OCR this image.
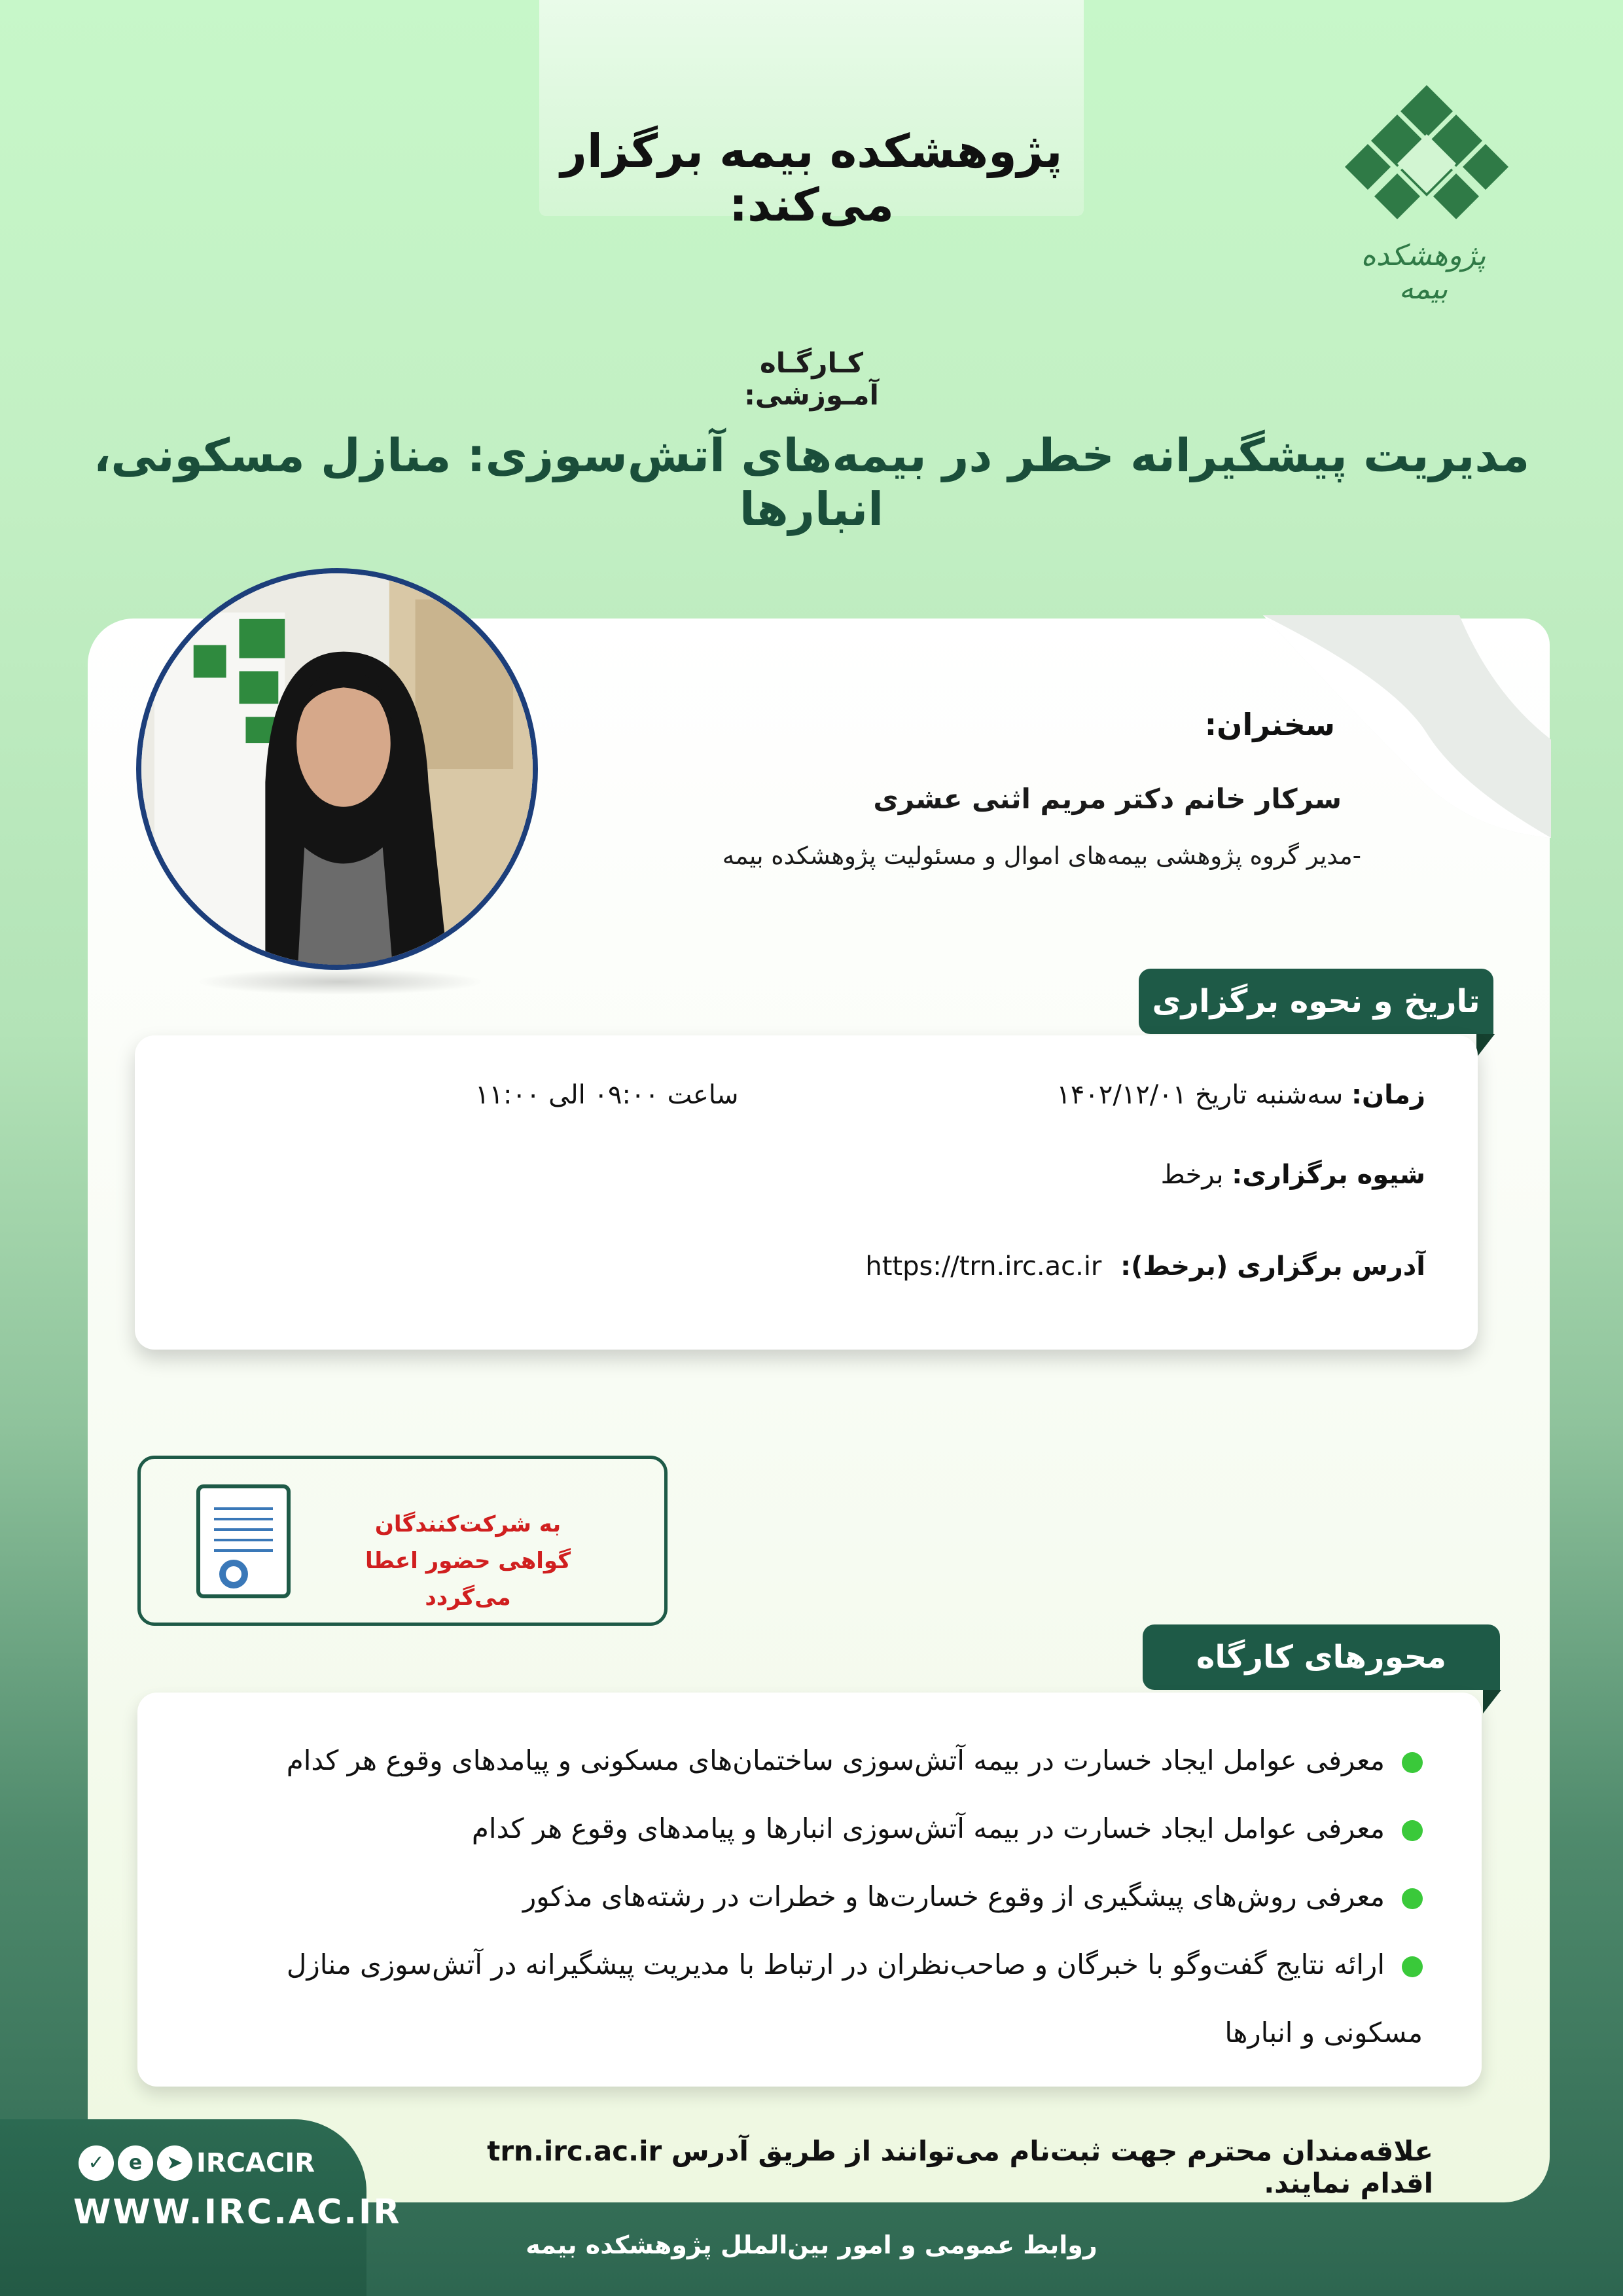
پژوهشکده بیمه برگزار می‌کند:
پژوهشکده بیمه
کـارگـاه آمـوزشی:
مدیریت پیشگیرانه خطر در بیمه‌های آتش‌سوزی: منازل مسکونی، انبارها
سخنران:
سرکار خانم دکتر مریم اثنی عشری
-مدیر گروه پژوهشی بیمه‌های اموال و مسئولیت پژوهشکده بیمه
تاریخ و نحوه برگزاری
زمان: سه‌شنبه تاریخ ۱۴۰۲/۱۲/۰۱
ساعت ۰۹:۰۰ الی ۱۱:۰۰
شیوه برگزاری: برخط
آدرس برگزاری (برخط): https://trn.irc.ac.ir
به شرکت‌کنندگان
گواهی حضور اعطا می‌گردد
محورهای کارگاه
معرفی عوامل ایجاد خسارت در بیمه آتش‌سوزی ساختمان‌های مسکونی و پیامدهای وقوع هر کدام
معرفی عوامل ایجاد خسارت در بیمه آتش‌سوزی انبارها و پیامدهای وقوع هر کدام
معرفی روش‌های پیشگیری از وقوع خسارت‌ها و خطرات در رشته‌های مذکور
ارائه نتایج گفت‌وگو با خبرگان و صاحب‌نظران در ارتباط با مدیریت پیشگیرانه در آتش‌سوزی منازل مسکونی و انبارها
علاقه‌مندان محترم جهت ثبت‌نام می‌توانند از طریق آدرس trn.irc.ac.ir اقدام نمایند.
➤e✓	IRCACIR
WWW.IRC.AC.IR
روابط عمومی و امور بین‌الملل پژوهشکده بیمه
